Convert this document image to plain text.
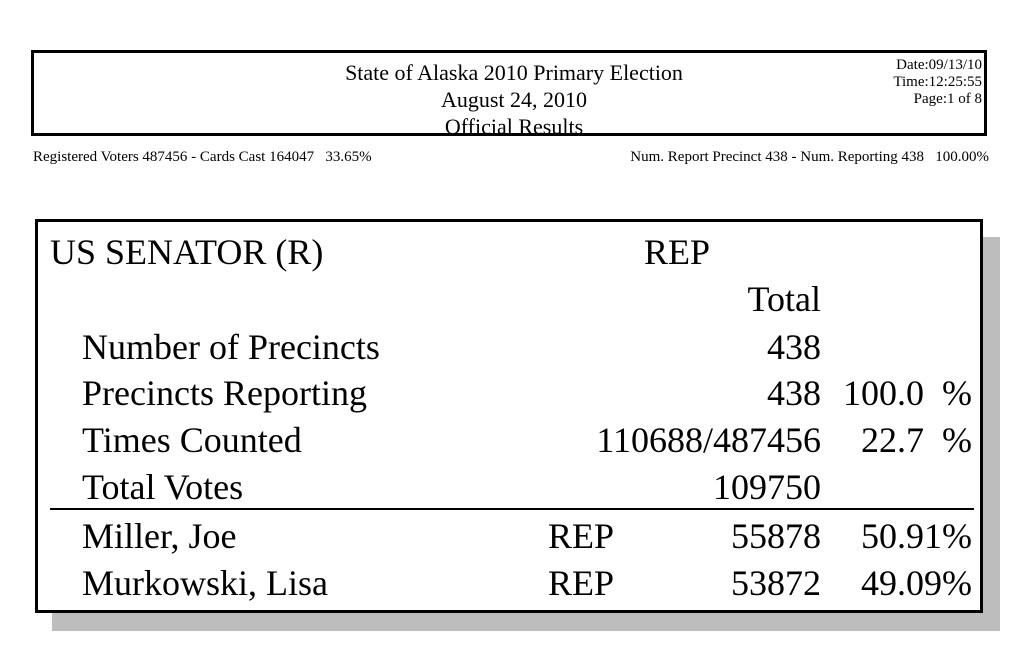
State of Alaska 2010 Primary Election
August 24, 2010
Official Results
Date:09/13/10
Time:12:25:55
Page:1 of 8
Registered Voters 487456 - Cards Cast 164047   33.65%	Num. Report Precinct 438 - Num. Reporting 438   100.00%
US SENATOR (R)	REP
Total
Number of Precincts	438
Precincts Reporting	438 100.0  %
Times Counted	110688/487456	22.7  %
Total Votes	109750
Miller, Joe	REP	55878	50.91%
Murkowski, Lisa	REP	53872	49.09%
